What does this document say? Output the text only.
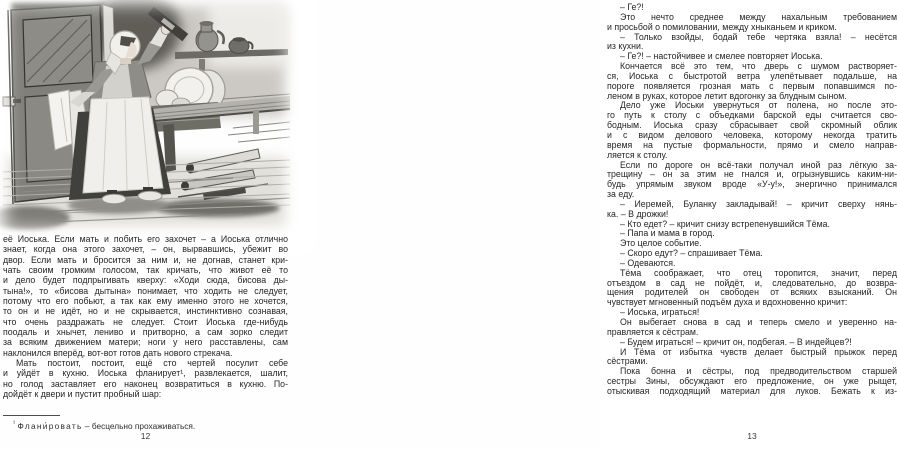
её Иоська. Если мать и побить его захочет – а Иоська отлично
знает, когда она этого захочет, – он, вырвавшись, убежит во
двор. Если мать и бросится за ним и, не догнав, станет кри-
чать своим громким голосом, так кричать, что живот её то
и дело будет подпрыгивать кверху: «Ходи сюда, бисова ды-
тына!», то «бисова дытына» понимает, что ходить не следует,
потому что его побьют, а так как ему именно этого не хочется,
то он и не идёт, но и не скрывается, инстинктивно сознавая,
что очень раздражать не следует. Стоит Иоська где-нибудь
поодаль и хнычет, лениво и притворно, а сам зорко следит
за всяким движением матери; ноги у него расставлены, сам
наклонился вперёд, вот-вот готов дать нового стрекача.
Мать постоит, постоит, ещё сто чертей посулит себе
и уйдёт в кухню. Иоська фланирует¹, развлекается, шалит,
но голод заставляет его наконец возвратиться в кухню. По-
дойдёт к двери и пустит пробный шар:
$^{^1}$ Флани́ровать – бесцельно прохаживаться.
12
– Ге?!
Это нечто среднее между нахальным требованием
и просьбой о помиловании, между хныканьем и криком.
– Только взойды, бодай тебе чертяка взяла! – несётся
из кухни.
– Ге?! – настойчивее и смелее повторяет Иоська.
Кончается всё это тем, что дверь с шумом растворяет-
ся, Иоська с быстротой ветра улепётывает подальше, на
пороге появляется грозная мать с первым попавшимся по-
леном в руках, которое летит вдогонку за блудным сыном.
Дело уже Иоськи увернуться от полена, но после это-
го путь к столу с объедками барской еды считается сво-
бодным. Иоська сразу сбрасывает свой скромный облик
и с видом делового человека, которому некогда тратить
время на пустые формальности, прямо и смело направ-
ляется к столу.
Если по дороге он всё-таки получал иной раз лёгкую за-
трещину – он за этим не гнался и, огрызнувшись каким-ни-
будь упрямым звуком вроде «У-у!», энергично принимался
за еду.
– Иеремей, Буланку закладывай! – кричит сверху нянь-
ка. – В дрожки!
– Кто едет? – кричит снизу встрепенувшийся Тёма.
– Папа и мама в город.
Это целое событие.
– Скоро едут? – спрашивает Тёма.
– Одеваются.
Тёма соображает, что отец торопится, значит, перед
отъездом в сад не пойдёт, и, следовательно, до возвра-
щения родителей он свободен от всяких взысканий. Он
чувствует мгновенный подъём духа и вдохновенно кричит:
– Иоська, играться!
Он выбегает снова в сад и теперь смело и уверенно на-
правляется к сёстрам.
– Будем играться! – кричит он, подбегая. – В индейцев?!
И Тёма от избытка чувств делает быстрый прыжок перед
сёстрами.
Пока бонна и сёстры, под предводительством старшей
сестры Зины, обсуждают его предложение, он уже рыщет,
отыскивая подходящий материал для луков. Бежать к из-
13
